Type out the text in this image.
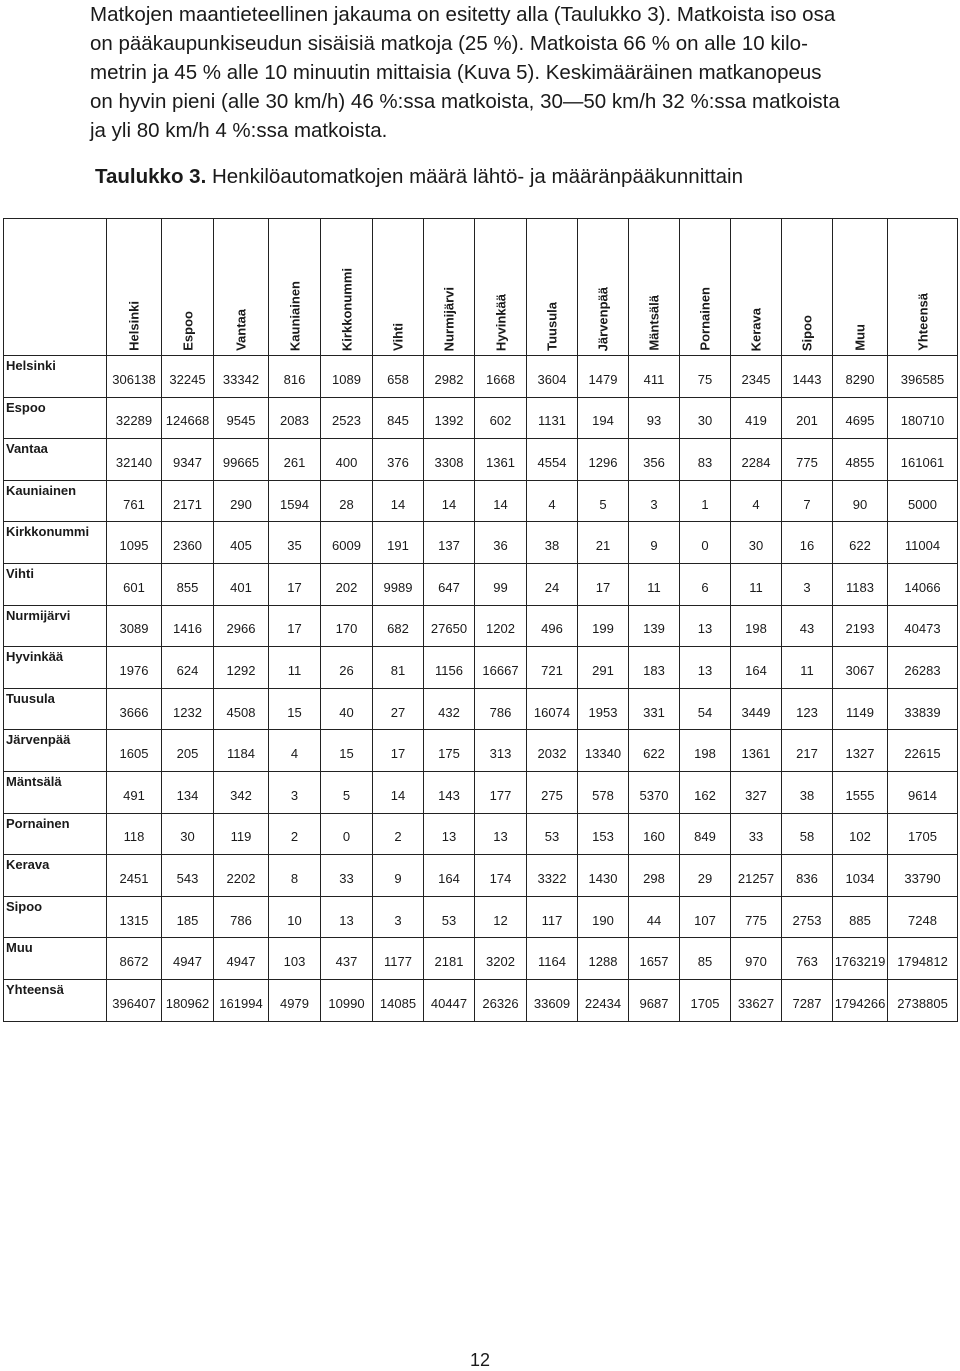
Matkojen maantieteellinen jakauma on esitetty alla (Taulukko 3). Matkoista iso osa
on pääkaupunkiseudun sisäisiä matkoja (25 %). Matkoista 66 % on alle 10 kilo-
metrin ja 45 % alle 10 minuutin mittaisia (Kuva 5). Keskimääräinen matkanopeus
on hyvin pieni (alle 30 km/h) 46 %:ssa matkoista, 30—50 km/h 32 %:ssa matkoista
ja yli 80 km/h 4 %:ssa matkoista.

Taulukko 3. Henkilöautomatkojen määrä lähtö- ja määränpääkunnittain

	Helsinki	Espoo	Vantaa	Kauniainen	Kirkkonummi	Vihti	Nurmijärvi	Hyvinkää	Tuusula	Järvenpää	Mäntsälä	Pornainen	Kerava	Sipoo	Muu	Yhteensä

Helsinki	306138	32245	33342	816	1089	658	2982	1668	3604	1479	411	75	2345	1443	8290	396585
Espoo	32289	124668	9545	2083	2523	845	1392	602	1131	194	93	30	419	201	4695	180710
Vantaa	32140	9347	99665	261	400	376	3308	1361	4554	1296	356	83	2284	775	4855	161061
Kauniainen	761	2171	290	1594	28	14	14	14	4	5	3	1	4	7	90	5000
Kirkkonummi	1095	2360	405	35	6009	191	137	36	38	21	9	0	30	16	622	11004
Vihti	601	855	401	17	202	9989	647	99	24	17	11	6	11	3	1183	14066
Nurmijärvi	3089	1416	2966	17	170	682	27650	1202	496	199	139	13	198	43	2193	40473
Hyvinkää	1976	624	1292	11	26	81	1156	16667	721	291	183	13	164	11	3067	26283
Tuusula	3666	1232	4508	15	40	27	432	786	16074	1953	331	54	3449	123	1149	33839
Järvenpää	1605	205	1184	4	15	17	175	313	2032	13340	622	198	1361	217	1327	22615
Mäntsälä	491	134	342	3	5	14	143	177	275	578	5370	162	327	38	1555	9614
Pornainen	118	30	119	2	0	2	13	13	53	153	160	849	33	58	102	1705
Kerava	2451	543	2202	8	33	9	164	174	3322	1430	298	29	21257	836	1034	33790
Sipoo	1315	185	786	10	13	3	53	12	117	190	44	107	775	2753	885	7248
Muu	8672	4947	4947	103	437	1177	2181	3202	1164	1288	1657	85	970	763	1763219	1794812
Yhteensä	396407	180962	161994	4979	10990	14085	40447	26326	33609	22434	9687	1705	33627	7287	1794266	2738805
12
